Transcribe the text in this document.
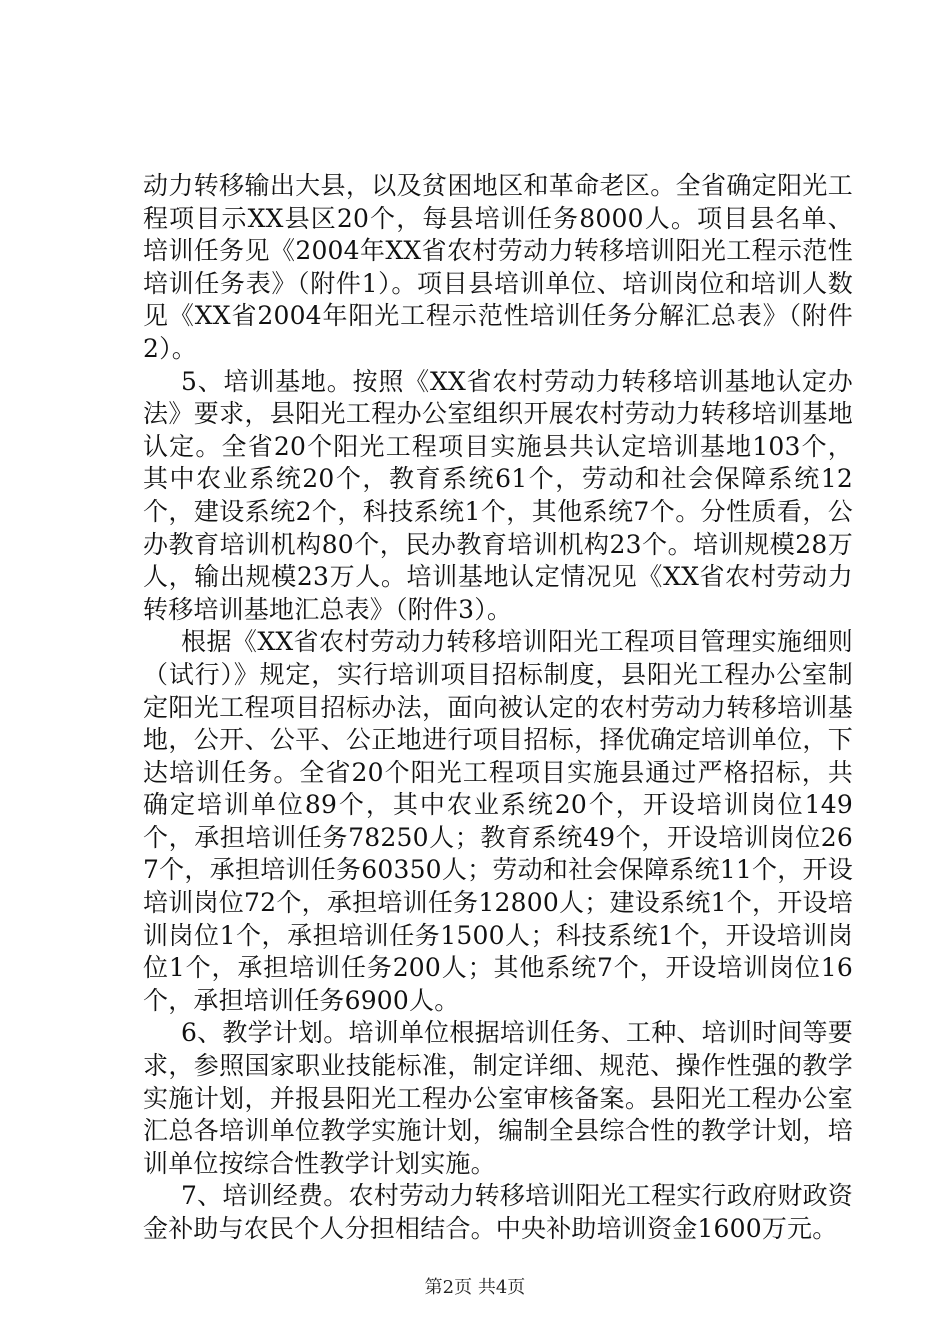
动力转移输出大县，以及贫困地区和革命老区。全省确定阳光工程项目示XX县区20个，每县培训任务8000人。项目县名单、培训任务见《2004年XX省农村劳动力转移培训阳光工程示范性培训任务表》（附件1）。项目县培训单位、培训岗位和培训人数见《XX省2004年阳光工程示范性培训任务分解汇总表》（附件2）。

5、培训基地。按照《XX省农村劳动力转移培训基地认定办法》要求，县阳光工程办公室组织开展农村劳动力转移培训基地认定。全省20个阳光工程项目实施县共认定培训基地103个，其中农业系统20个，教育系统61个，劳动和社会保障系统12个，建设系统2个，科技系统1个，其他系统7个。分性质看，公办教育培训机构80个，民办教育培训机构23个。培训规模28万人，输出规模23万人。培训基地认定情况见《XX省农村劳动力转移培训基地汇总表》（附件3）。

根据《XX省农村劳动力转移培训阳光工程项目管理实施细则（试行）》规定，实行培训项目招标制度，县阳光工程办公室制定阳光工程项目招标办法，面向被认定的农村劳动力转移培训基地，公开、公平、公正地进行项目招标，择优确定培训单位，下达培训任务。全省20个阳光工程项目实施县通过严格招标，共确定培训单位89个，其中农业系统20个，开设培训岗位149个，承担培训任务78250人；教育系统49个，开设培训岗位267个，承担培训任务60350人；劳动和社会保障系统11个，开设培训岗位72个，承担培训任务12800人；建设系统1个，开设培训岗位1个，承担培训任务1500人；科技系统1个，开设培训岗位1个，承担培训任务200人；其他系统7个，开设培训岗位16个，承担培训任务6900人。

6、教学计划。培训单位根据培训任务、工种、培训时间等要求，参照国家职业技能标准，制定详细、规范、操作性强的教学实施计划，并报县阳光工程办公室审核备案。县阳光工程办公室汇总各培训单位教学实施计划，编制全县综合性的教学计划，培训单位按综合性教学计划实施。

7、培训经费。农村劳动力转移培训阳光工程实行政府财政资金补助与农民个人分担相结合。中央补助培训资金1600万元。

第2页 共4页
